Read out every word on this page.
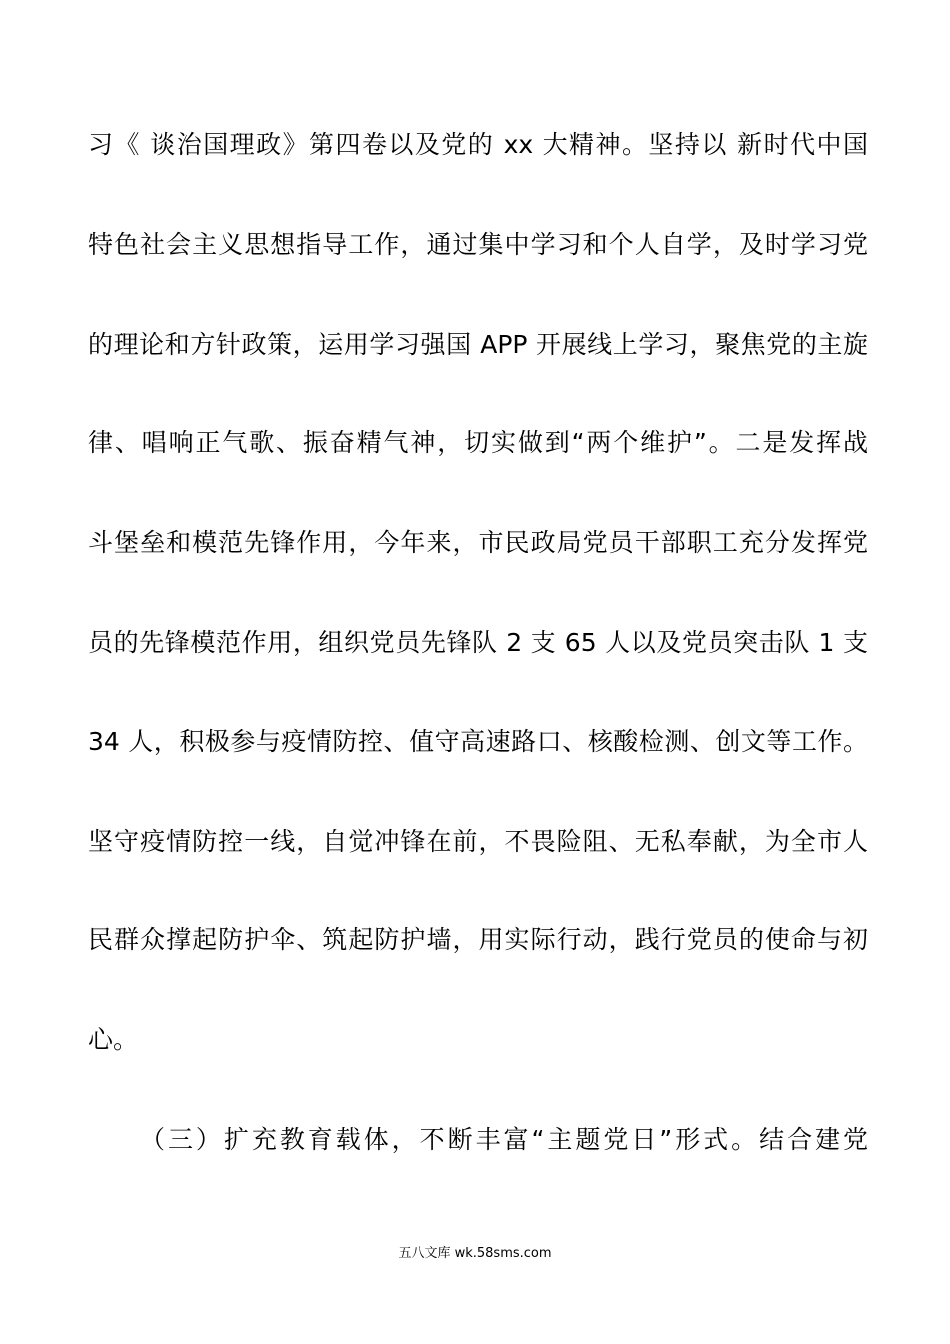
习《 谈治国理政》第四卷以及党的 xx 大精神。坚持以 新时代中国
特色社会主义思想指导工作，通过集中学习和个人自学，及时学习党
的理论和方针政策，运用学习强国 APP 开展线上学习，聚焦党的主旋
律、唱响正气歌、振奋精气神，切实做到“两个维护”。二是发挥战
斗堡垒和模范先锋作用，今年来，市民政局党员干部职工充分发挥党
员的先锋模范作用，组织党员先锋队 2 支 65 人以及党员突击队 1 支
34 人，积极参与疫情防控、值守高速路口、核酸检测、创文等工作。
坚守疫情防控一线，自觉冲锋在前，不畏险阻、无私奉献，为全市人
民群众撑起防护伞、筑起防护墙，用实际行动，践行党员的使命与初
心。
（三）扩充教育载体，不断丰富“主题党日”形式。结合建党
五八文库 wk.58sms.com
